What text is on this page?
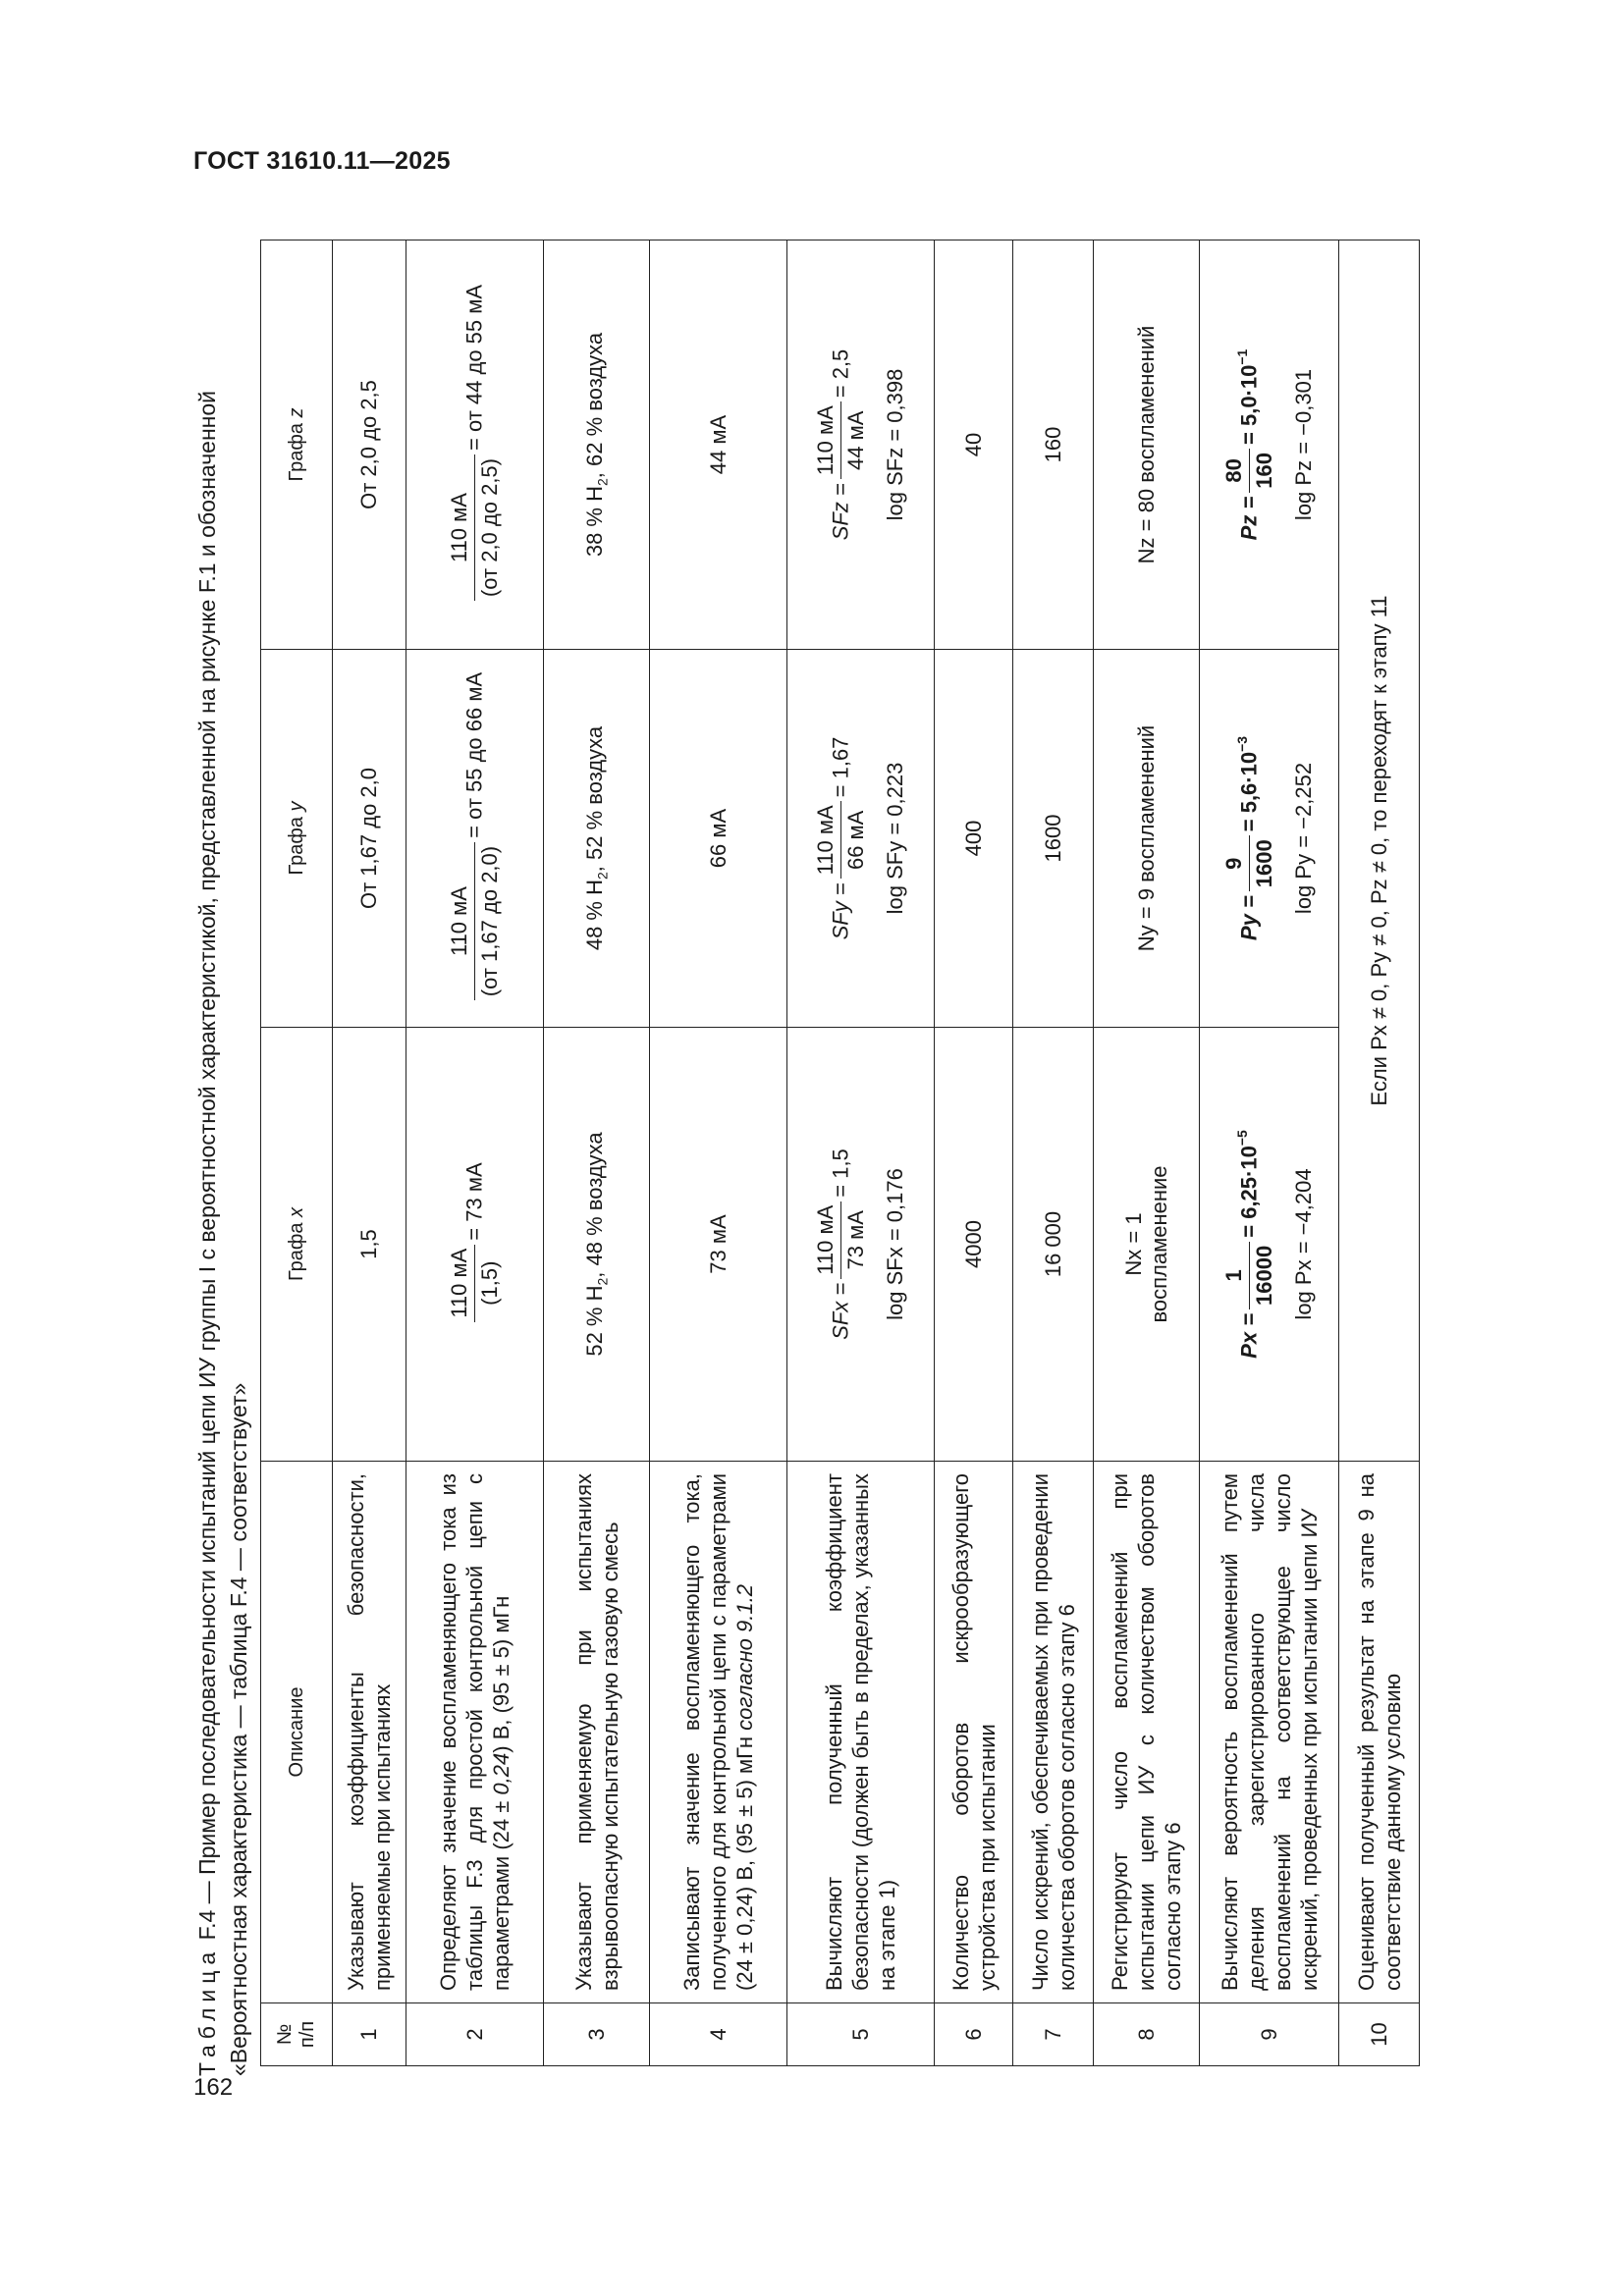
ГОСТ 31610.11—2025
162
Таблица F.4 — Пример последовательности испытаний цепи ИУ группы I с вероятностной характеристикой, представленной на рисунке F.1 и обозначенной «Вероятностная характеристика — таблица F.4 — соответствует» № п/п	Описание	Графа x	Графа y	Графа z
1	Указывают коэффициенты безопасности, применяемые при испытаниях	1,5	От 1,67 до 2,0	От 2,0 до 2,5
2	Определяют значение воспламеняющего тока из таблицы F.3 для простой контрольной цепи с параметрами (24 ± 0,24) В, (95 ± 5) мГн	110 мА (1,5)
= 73 мА	110 мА (от 1,67 до 2,0)
= от 55 до 66 мА	110 мА (от 2,0 до 2,5)
= от 44 до 55 мА
3	Указывают применяемую при испытаниях взрывоопасную испытательную газовую смесь	52 % $H_2$, 48 % воздуха	48 % $H_2$, 52 % воздуха	38 % $H_2$, 62 % воздуха
4	Записывают значение воспламеняющего тока, полученного для контрольной цепи с параметрами (24 ± 0,24) В, (95 ± 5) мГн согласно 9.1.2	73 мА	66 мА	44 мА
5	Вычисляют полученный коэффициент безопасности (должен быть в пределах, указанных на этапе 1)	SFx =
110 мА 73 мА
= 1,5 log SFx = 0,176	SFy =
110 мА 66 мА
= 1,67 log SFy = 0,223	SFz =
110 мА 44 мА
= 2,5 log SFz = 0,398

6	Количество оборотов искрообразующего устройства при испытании	4000	400	40
7	Число искрений, обеспечиваемых при проведении количества оборотов согласно этапу 6	16 000	1600	160
8	Регистрируют число воспламенений при испытании цепи ИУ с количеством оборотов согласно этапу 6	Nx = 1
воспламенение	Ny = 9 воспламенений	Nz = 80 воспламенений
9	Вычисляют вероятность воспламенений путем деления зарегистрированного числа воспламенений на соответствующее число искрений, проведенных при испытании цепи ИУ	Px =
1 16000
= $6,25\cdot 10^{-5}$
log Px = −4,204	Py =
9 1600
= $5,6\cdot 10^{-3}$
log Py = −2,252	Pz =
80 160
= $5,0\cdot 10^{-1}$
log Pz = −0,301

10	Оценивают полученный результат на этапе 9 на соответствие данному условию	Если Px ≠ 0, Py ≠ 0, Pz ≠ 0, то переходят к этапу 11		
